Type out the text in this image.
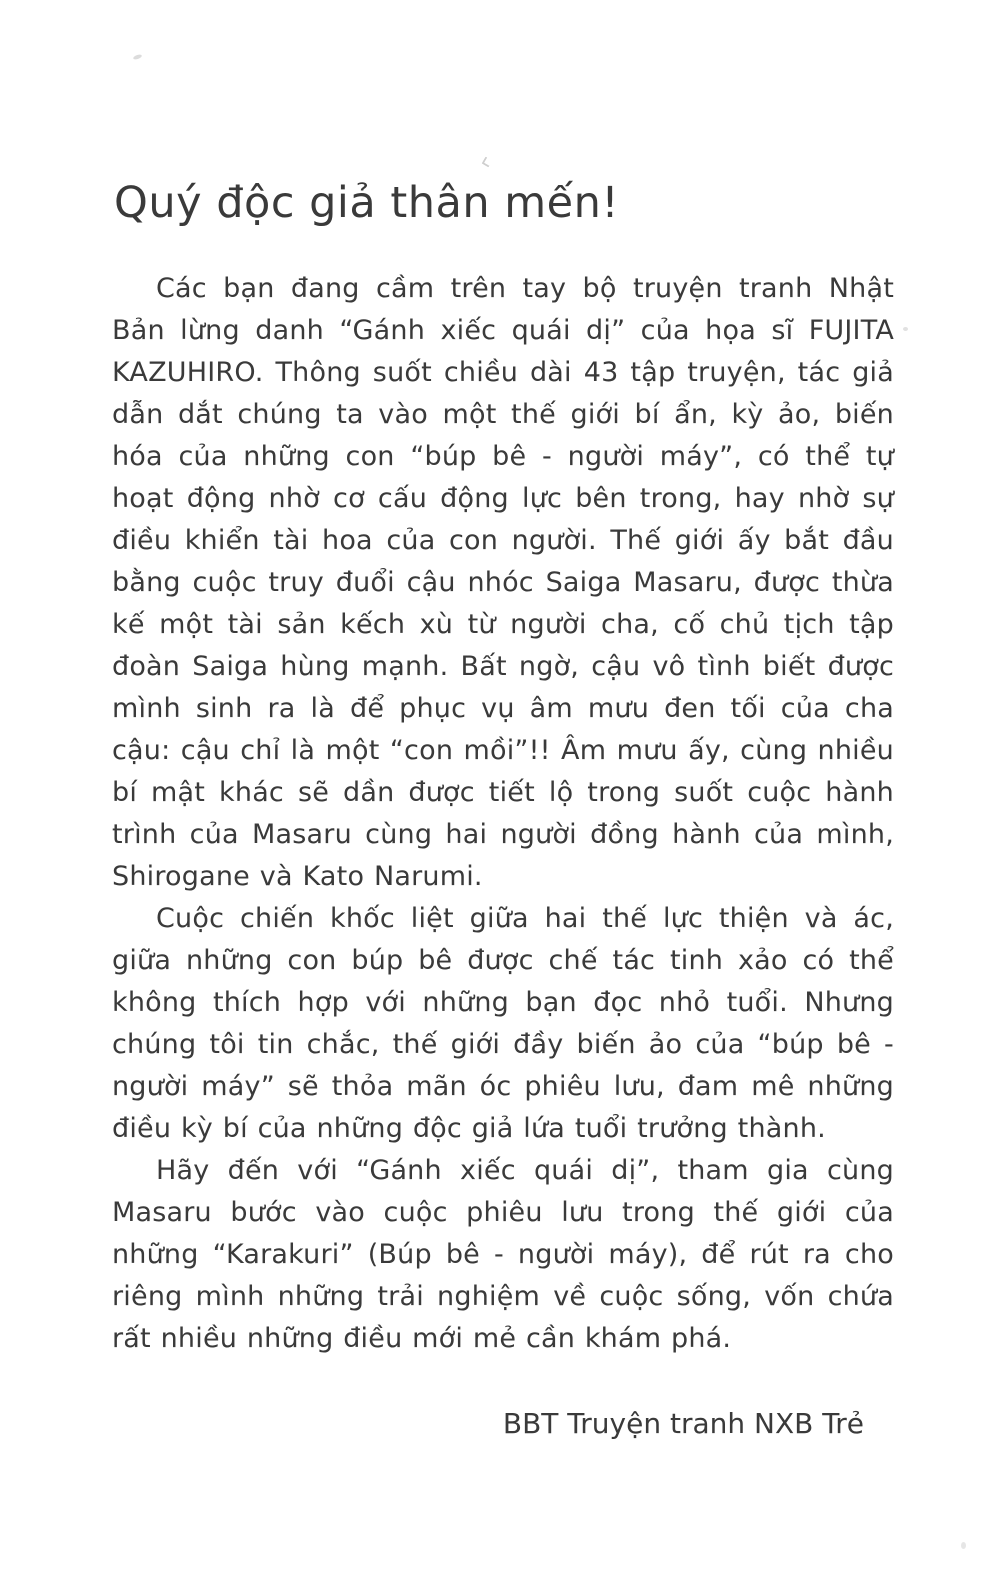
Quý độc giả thân mến!

Các bạn đang cầm trên tay bộ truyện tranh Nhật Bản lừng danh “Gánh xiếc quái dị” của họa sĩ FUJITA KAZUHIRO. Thông suốt chiều dài 43 tập truyện, tác giả dẫn dắt chúng ta vào một thế giới bí ẩn, kỳ ảo, biến hóa của những con “búp bê - người máy”, có thể tự hoạt động nhờ cơ cấu động lực bên trong, hay nhờ sự điều khiển tài hoa của con người. Thế giới ấy bắt đầu bằng cuộc truy đuổi cậu nhóc Saiga Masaru, được thừa kế một tài sản kếch xù từ người cha, cố chủ tịch tập đoàn Saiga hùng mạnh. Bất ngờ, cậu vô tình biết được mình sinh ra là để phục vụ âm mưu đen tối của cha cậu: cậu chỉ là một “con mồi”!! Âm mưu ấy, cùng nhiều bí mật khác sẽ dần được tiết lộ trong suốt cuộc hành trình của Masaru cùng hai người đồng hành của mình, Shirogane và Kato Narumi.

Cuộc chiến khốc liệt giữa hai thế lực thiện và ác, giữa những con búp bê được chế tác tinh xảo có thể không thích hợp với những bạn đọc nhỏ tuổi. Nhưng chúng tôi tin chắc, thế giới đầy biến ảo của “búp bê - người máy” sẽ thỏa mãn óc phiêu lưu, đam mê những điều kỳ bí của những độc giả lứa tuổi trưởng thành.

Hãy đến với “Gánh xiếc quái dị”, tham gia cùng Masaru bước vào cuộc phiêu lưu trong thế giới của những “Karakuri” (Búp bê - người máy), để rút ra cho riêng mình những trải nghiệm về cuộc sống, vốn chứa rất nhiều những điều mới mẻ cần khám phá.

BBT Truyện tranh NXB Trẻ
